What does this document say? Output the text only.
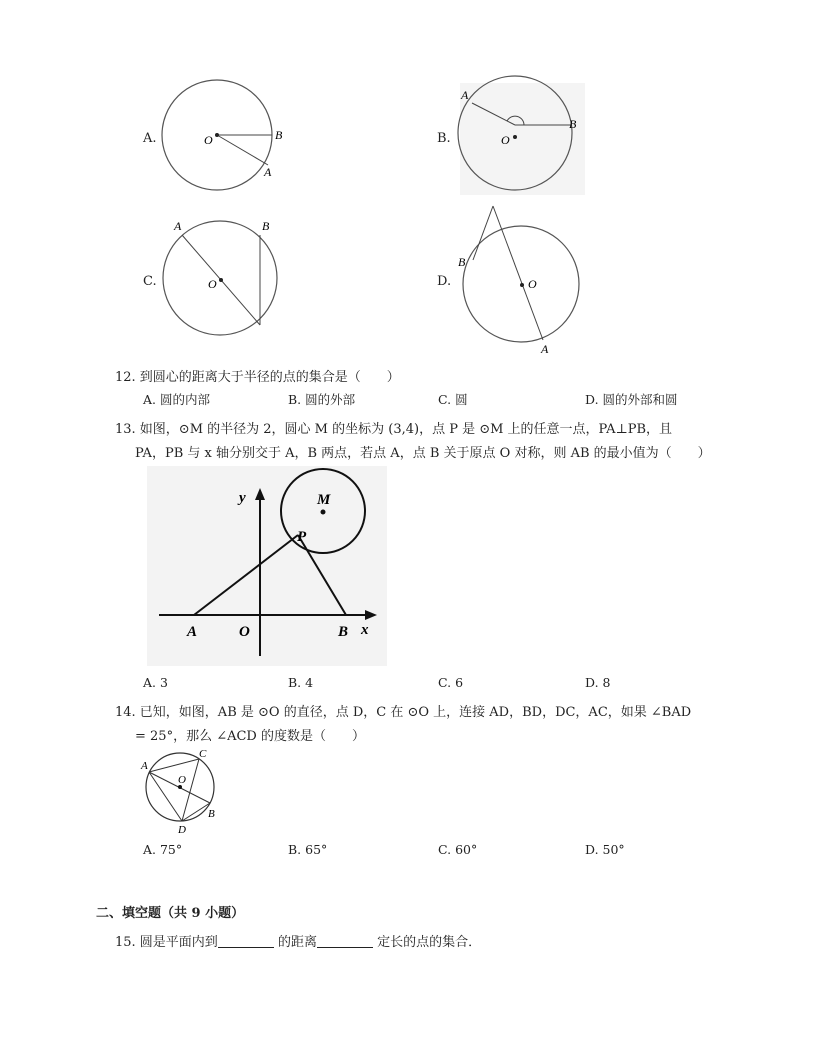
A.	O	B
A
B.	O
B
A
C.	O
B
A
D.	O
B
A
12. 到圆心的距离大于半径的点的集合是（　　）
A. 圆的内部	B. 圆的外部	C. 圆	D. 圆的外部和圆
13. 如图，⊙M 的半径为 2，圆心 M 的坐标为 (3,4)，点 P 是 ⊙M 上的任意一点，PA⊥PB，且
PA，PB 与 x 轴分别交于 A，B 两点，若点 A，点 B 关于原点 O 对称，则 AB 的最小值为（　　）
y	M
P
A	O	B x
A. 3	B. 4	C. 6	D. 8
14. 已知，如图，AB 是 ⊙O 的直径，点 D，C 在 ⊙O 上，连接 AD，BD，DC，AC，如果 ∠BAD
= 25°，那么 ∠ACD 的度数是（　　）
A
C
O
B
D
A. 75°	B. 65°	C. 60°	D. 50°
二、填空题（共 9 小题）
15. 圆是平面内到	的距离	定长的点的集合．
